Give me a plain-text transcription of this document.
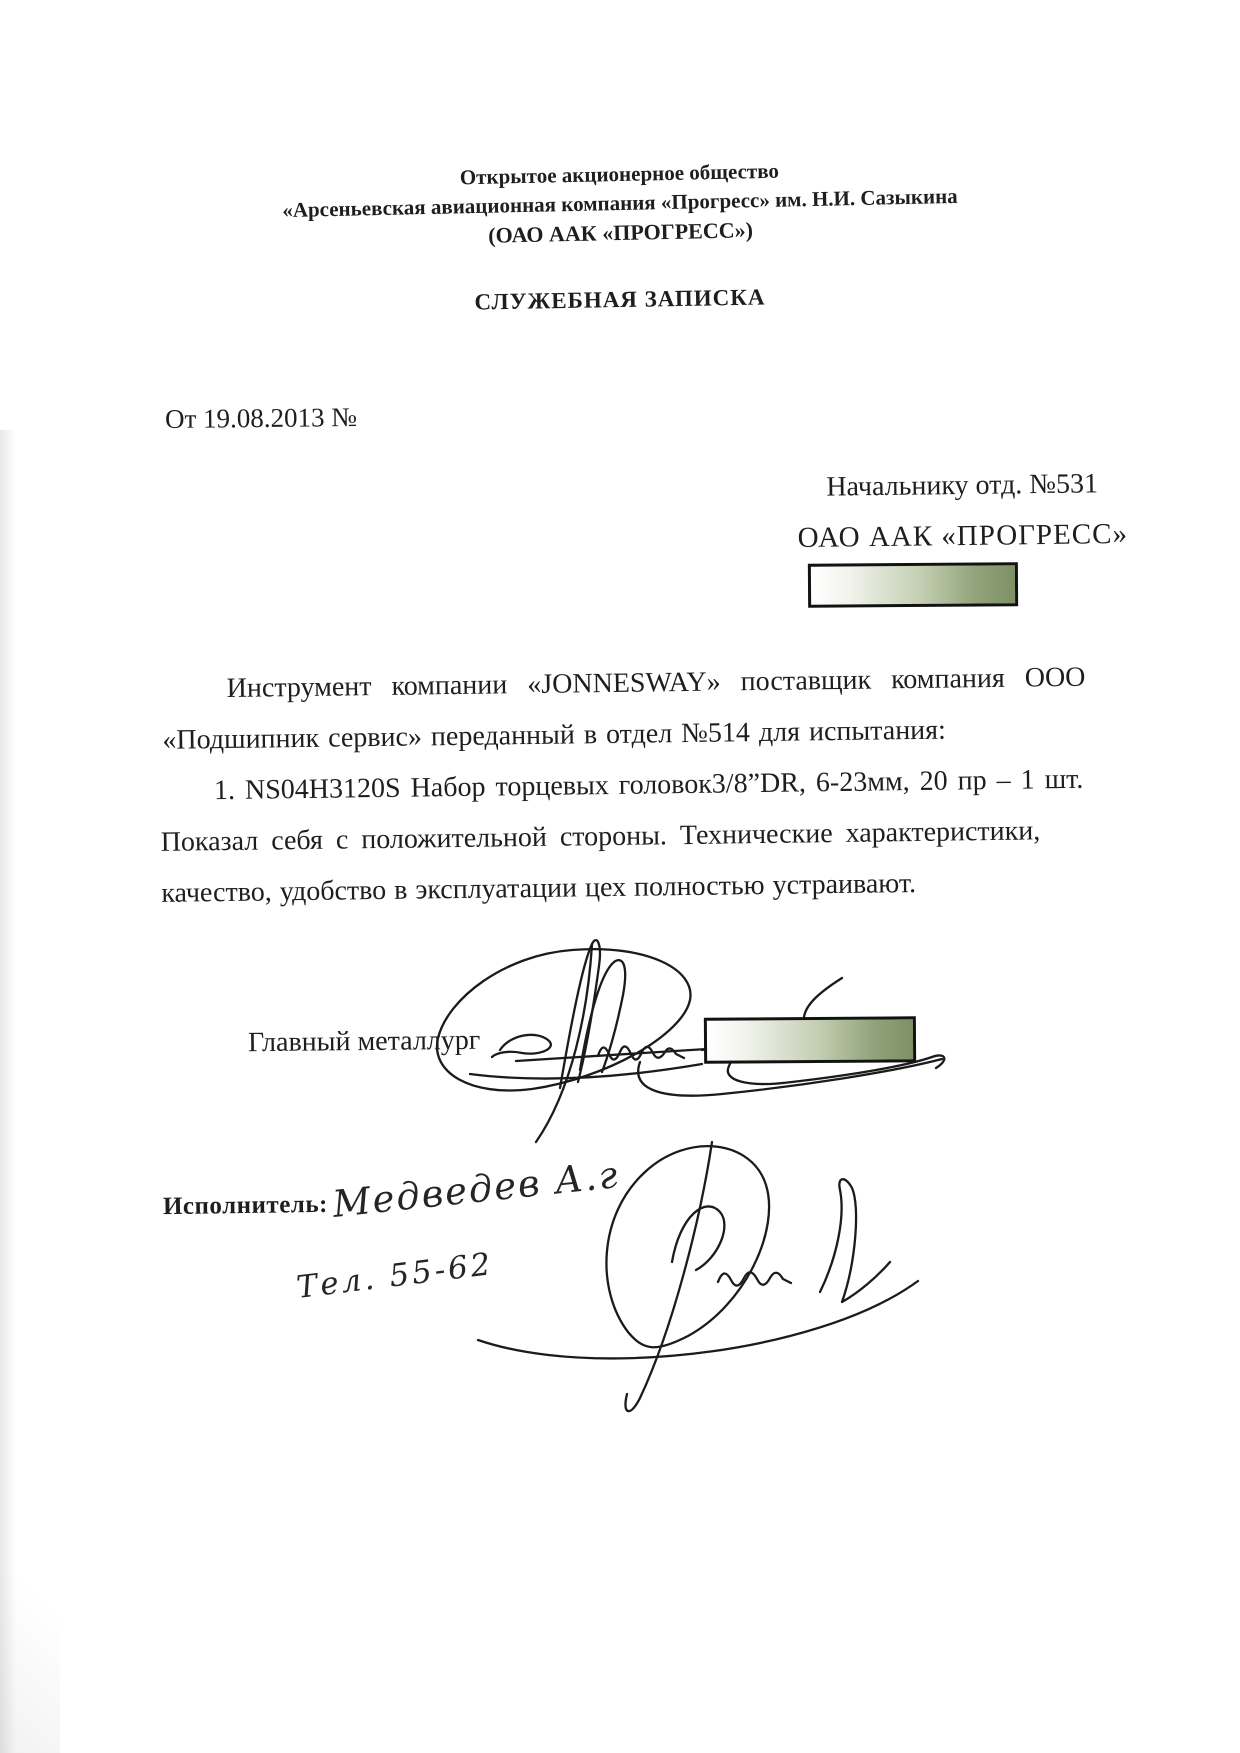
Открытое акционерное общество
«Арсеньевская авиационная компания «Прогресс» им. Н.И. Сазыкина
(ОАО ААК «ПРОГРЕСС»)
СЛУЖЕБНАЯ ЗАПИСКА
От 19.08.2013 №
Начальнику отд. №531
ОАО ААК «ПРОГРЕСС»
Инструмент компании «JONNESWAY» поставщик компания ООО
«Подшипник сервис» переданный в отдел №514 для испытания:
1. NS04H3120S Набор торцевых головок3/8”DR, 6-23мм, 20 пр – 1 шт.
Показал себя с положительной стороны. Технические характеристики,
качество, удобство в эксплуатации цех полностью устраивают.
Главный металлург
Исполнитель: Медведев А.г
Тел. 55-62
